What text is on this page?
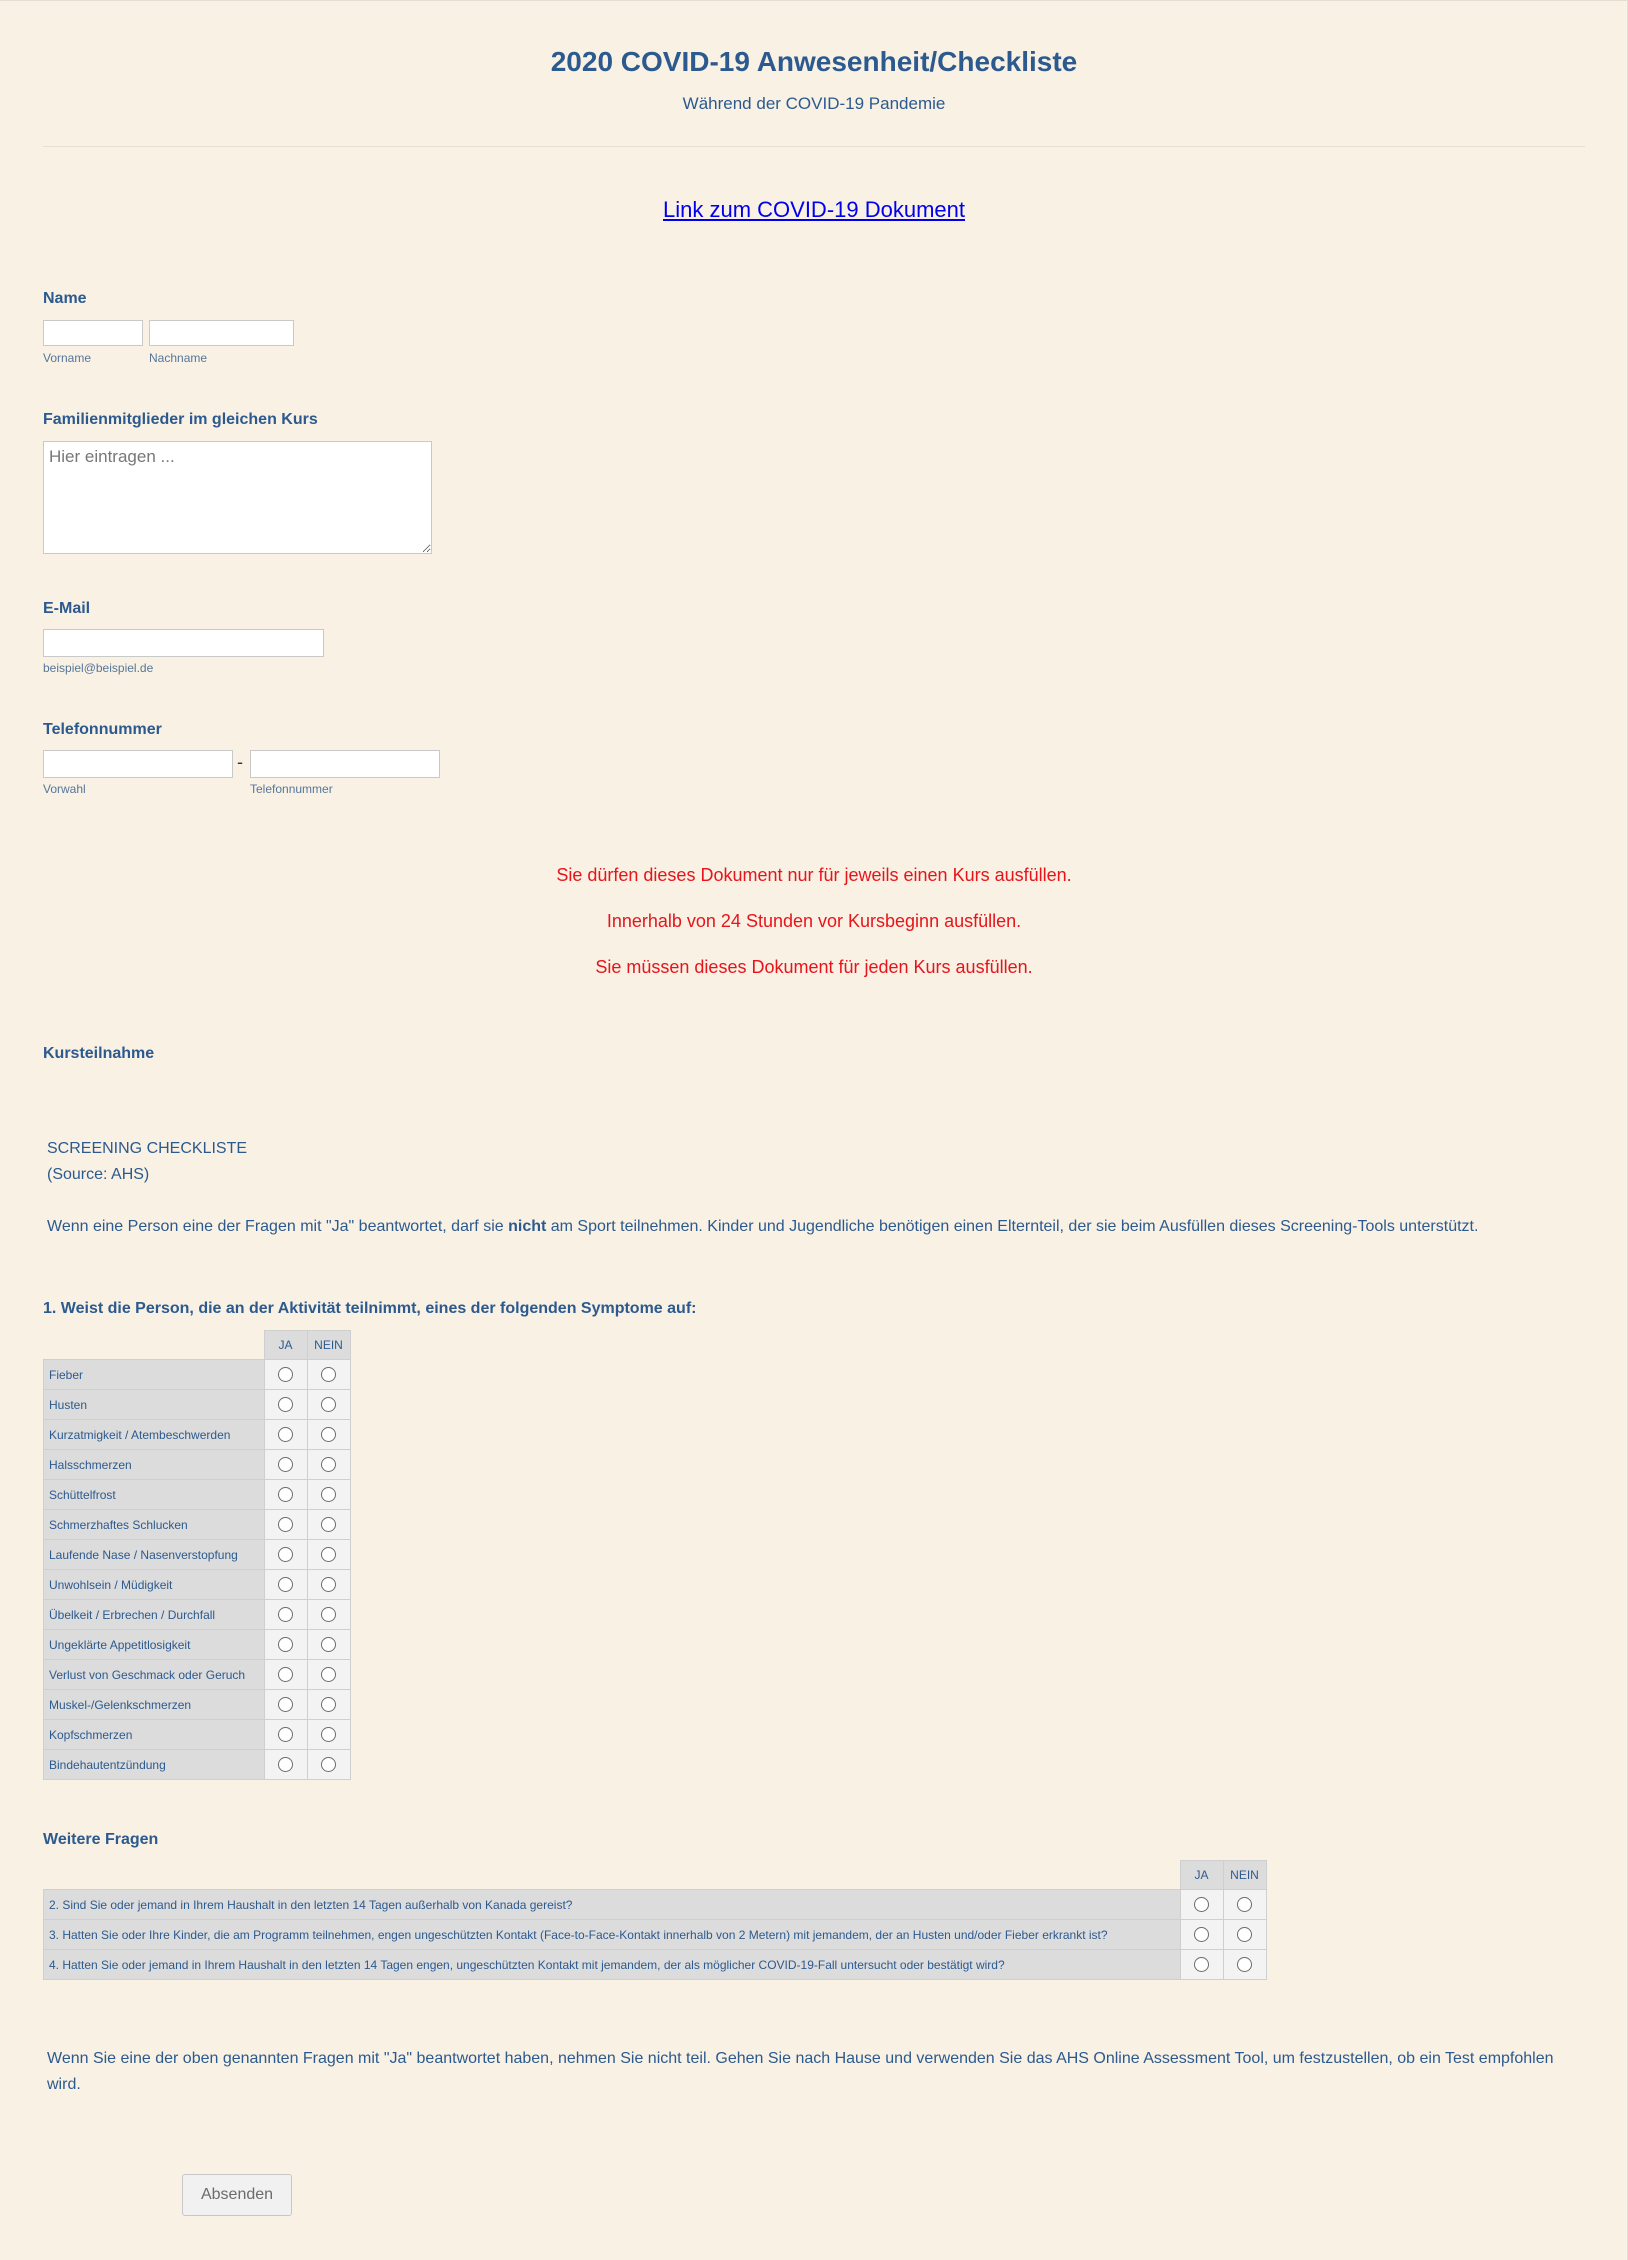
2020 COVID-19 Anwesenheit/Checkliste
Während der COVID-19 Pandemie
Link zum COVID-19 Dokument
Name
Vorname	Nachname
Familienmitglieder im gleichen Kurs
Hier eintragen ...
E-Mail
beispiel@beispiel.de
Telefonnummer
-
Vorwahl	Telefonnummer
Sie dürfen dieses Dokument nur für jeweils einen Kurs ausfüllen.
Innerhalb von 24 Stunden vor Kursbeginn ausfüllen.
Sie müssen dieses Dokument für jeden Kurs ausfüllen.
Kursteilnahme
SCREENING CHECKLISTE
(Source: AHS)
Wenn eine Person eine der Fragen mit "Ja" beantwortet, darf sie nicht am Sport teilnehmen. Kinder und Jugendliche benötigen einen Elternteil, der sie beim Ausfüllen dieses Screening-Tools unterstützt.
1. Weist die Person, die an der Aktivität teilnimmt, eines der folgenden Symptome auf:
	JA	NEIN
Fieber		
Husten		
Kurzatmigkeit / Atembeschwerden		
Halsschmerzen		
Schüttelfrost		
Schmerzhaftes Schlucken		
Laufende Nase / Nasenverstopfung		
Unwohlsein / Müdigkeit		
Übelkeit / Erbrechen / Durchfall		
Ungeklärte Appetitlosigkeit		
Verlust von Geschmack oder Geruch		
Muskel-/Gelenkschmerzen		
Kopfschmerzen		
Bindehautentzündung		
Weitere Fragen
	JA	NEIN
2. Sind Sie oder jemand in Ihrem Haushalt in den letzten 14 Tagen außerhalb von Kanada gereist?		
3. Hatten Sie oder Ihre Kinder, die am Programm teilnehmen, engen ungeschützten Kontakt (Face-to-Face-Kontakt innerhalb von 2 Metern) mit jemandem, der an Husten und/oder Fieber erkrankt ist?		
4. Hatten Sie oder jemand in Ihrem Haushalt in den letzten 14 Tagen engen, ungeschützten Kontakt mit jemandem, der als möglicher COVID-19-Fall untersucht oder bestätigt wird?		
Wenn Sie eine der oben genannten Fragen mit "Ja" beantwortet haben, nehmen Sie nicht teil. Gehen Sie nach Hause und verwenden Sie das AHS Online Assessment Tool, um festzustellen, ob ein Test empfohlen wird.
Absenden
